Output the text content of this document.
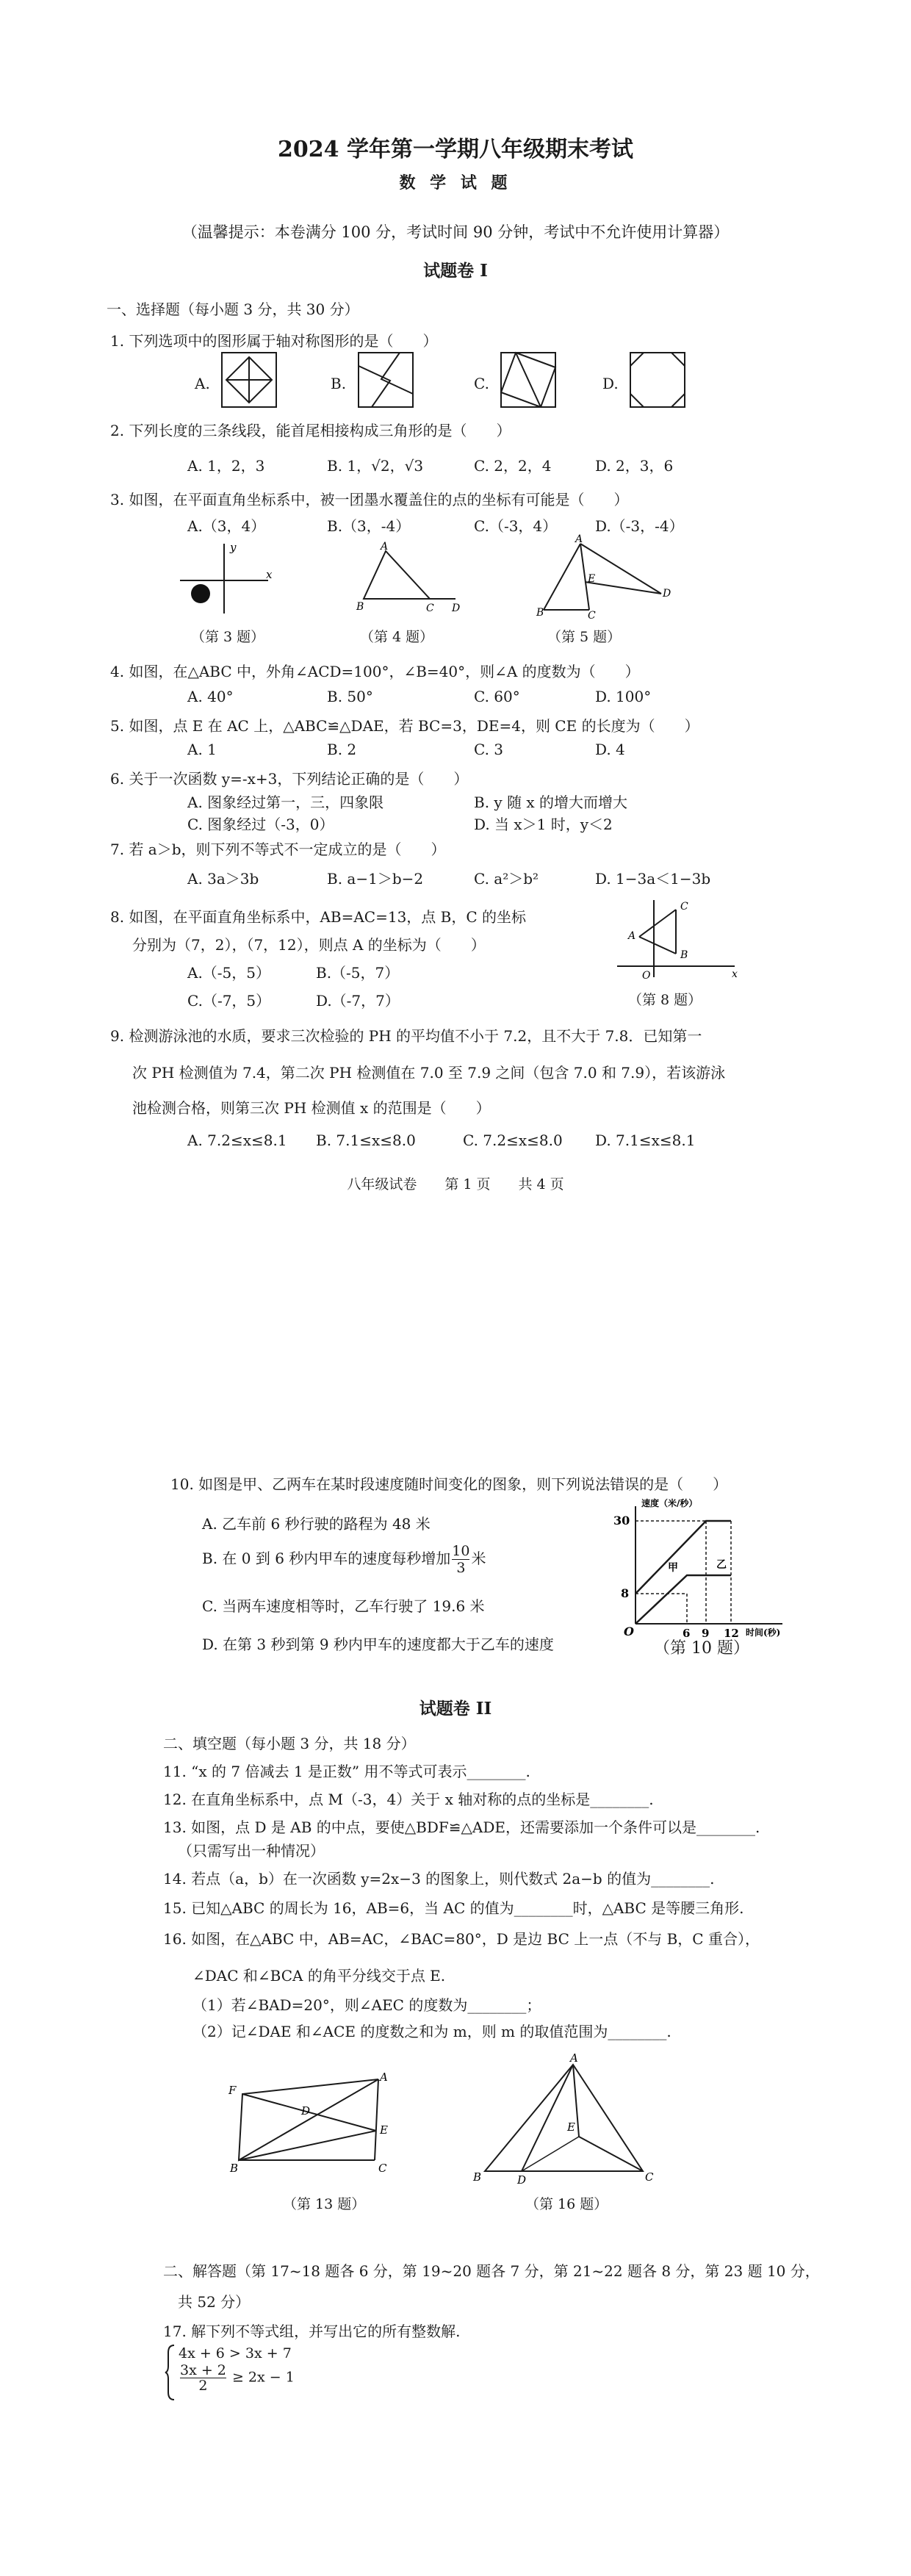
2024 学年第一学期八年级期末考试
数 学 试 题
（温馨提示：本卷满分 100 分，考试时间 90 分钟，考试中不允许使用计算器）
试题卷 I
一、选择题（每小题 3 分，共 30 分）
1. 下列选项中的图形属于轴对称图形的是（　　）
A.	B.	C.	D.
2. 下列长度的三条线段，能首尾相接构成三角形的是（　　）
A. 1，2，3	B. 1，√2，√3	C. 2，2，4	D. 2，3，6
3. 如图，在平面直角坐标系中，被一团墨水覆盖住的点的坐标有可能是（　　）
A.（3，4）	B.（3，-4）	C.（-3，4）	D.（-3，-4）
y
x
A
B	C D
A
B	C
D
E
（第 3 题）	（第 4 题）	（第 5 题）
4. 如图，在△ABC 中，外角∠ACD=100°，∠B=40°，则∠A 的度数为（　　）
A. 40°	B. 50°	C. 60°	D. 100°
5. 如图，点 E 在 AC 上，△ABC≌△DAE，若 BC=3，DE=4，则 CE 的长度为（　　）
A. 1	B. 2	C. 3	D. 4
6. 关于一次函数 y=-x+3，下列结论正确的是（　　）
A. 图象经过第一，三，四象限	B. y 随 x 的增大而增大
C. 图象经过（-3，0）	D. 当 x＞1 时，y＜2
7. 若 a＞b，则下列不等式不一定成立的是（　　）
A. 3a＞3b	B. a−1＞b−2	C. a²＞b²	D. 1−3a＜1−3b
8. 如图，在平面直角坐标系中，AB=AC=13，点 B，C 的坐标
分别为（7，2），（7，12），则点 A 的坐标为（　　）
A.（-5，5）	B.（-5，7）
C.（-7，5）	D.（-7，7）
A
B
C
O	x
（第 8 题）
9. 检测游泳池的水质，要求三次检验的 PH 的平均值不小于 7.2，且不大于 7.8．已知第一
次 PH 检测值为 7.4，第二次 PH 检测值在 7.0 至 7.9 之间（包含 7.0 和 7.9），若该游泳
池检测合格，则第三次 PH 检测值 x 的范围是（　　）
A. 7.2≤x≤8.1 B. 7.1≤x≤8.0	C. 7.2≤x≤8.0 D. 7.1≤x≤8.1
八年级试卷　　第 1 页　　共 4 页
10. 如图是甲、乙两车在某时段速度随时间变化的图象，则下列说法错误的是（　　）
A. 乙车前 6 秒行驶的路程为 48 米
B. 在 0 到 6 秒内甲车的速度每秒增加 $\frac{10}{3}$ 米
C. 当两车速度相等时，乙车行驶了 19.6 米
D. 在第 3 秒到第 9 秒内甲车的速度都大于乙车的速度
30
8
O	6 9 12
速度（米/秒）
时间(秒)
甲	乙
（第 10 题）
试题卷 II
二、填空题（每小题 3 分，共 18 分）
11. “x 的 7 倍减去 1 是正数” 用不等式可表示________.
12. 在直角坐标系中，点 M（-3，4）关于 x 轴对称的点的坐标是________.
13. 如图，点 D 是 AB 的中点，要使△BDF≌△ADE，还需要添加一个条件可以是________.
（只需写出一种情况）
14. 若点（a，b）在一次函数 y=2x−3 的图象上，则代数式 2a−b 的值为________.
15. 已知△ABC 的周长为 16，AB=6，当 AC 的值为________时，△ABC 是等腰三角形.
16. 如图，在△ABC 中，AB=AC，∠BAC=80°，D 是边 BC 上一点（不与 B，C 重合），
∠DAC 和∠BCA 的角平分线交于点 E.
（1）若∠BAD=20°，则∠AEC 的度数为________；
（2）记∠DAE 和∠ACE 的度数之和为 m，则 m 的取值范围为________.
F
A
B	C
D
E
（第 13 题）
A
B	C
D
E
（第 16 题）
二、解答题（第 17~18 题各 6 分，第 19~20 题各 7 分，第 21~22 题各 8 分，第 23 题 10 分，
共 52 分）
17. 解下列不等式组，并写出它的所有整数解.
4x + 6 > 3x + 7
$\frac{3x + 2}{2} \ge 2x - 1$
